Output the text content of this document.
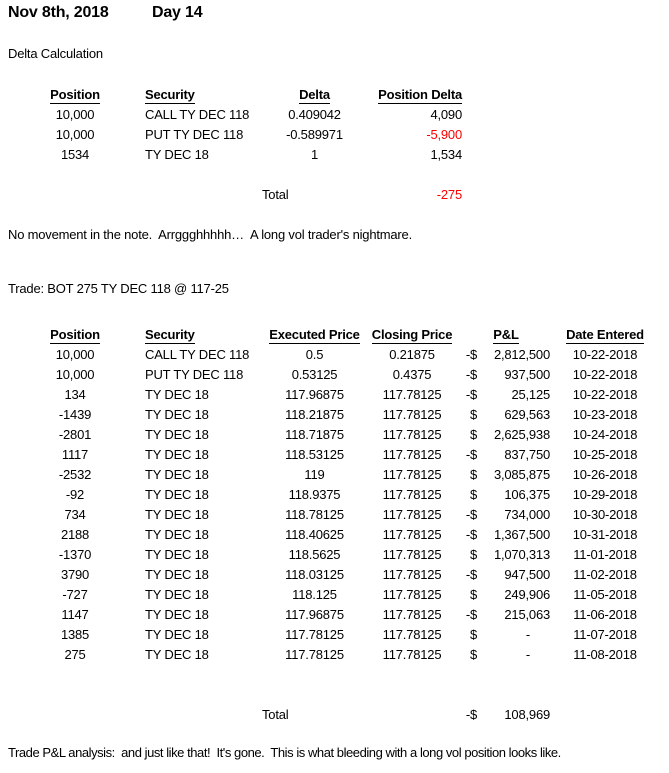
Nov 8th, 2018	Day 14
Delta Calculation
Position		Security	Delta	Position Delta
10,000		CALL TY DEC 118	0.409042	4,090
10,000		PUT TY DEC 118	-0.589971	-5,900
1534		TY DEC 18	1	1,534

			Total	-275
No movement in the note.  Arrggghhhhh…  A long vol trader's nightmare.
Trade: BOT 275 TY DEC 118 @ 117-25
Position		Security	Executed Price	Closing Price		P&L		Date Entered
10,000		CALL TY DEC 118	0.5	0.21875		-$ 2,812,500		10-22-2018
10,000		PUT TY DEC 118	0.53125	0.4375		-$ 937,500		10-22-2018
134		TY DEC 18	117.96875	117.78125		-$ 25,125		10-22-2018
-1439		TY DEC 18	118.21875	117.78125		$ 629,563		10-23-2018
-2801		TY DEC 18	118.71875	117.78125		$ 2,625,938		10-24-2018
1117		TY DEC 18	118.53125	117.78125		-$ 837,750		10-25-2018
-2532		TY DEC 18	119	117.78125		$ 3,085,875		10-26-2018
-92		TY DEC 18	118.9375	117.78125		$ 106,375		10-29-2018
734		TY DEC 18	118.78125	117.78125		-$ 734,000		10-30-2018
2188		TY DEC 18	118.40625	117.78125		-$ 1,367,500		10-31-2018
-1370		TY DEC 18	118.5625	117.78125		$ 1,070,313		11-01-2018
3790		TY DEC 18	118.03125	117.78125		-$ 947,500		11-02-2018
-727		TY DEC 18	118.125	117.78125		$ 249,906		11-05-2018
1147		TY DEC 18	117.96875	117.78125		-$ 215,063		11-06-2018
1385		TY DEC 18	117.78125	117.78125		$ -		11-07-2018
275		TY DEC 18	117.78125	117.78125		$ -		11-08-2018

			Total			-$ 108,969		

Trade P&L analysis:  and just like that!  It's gone.  This is what bleeding with a long vol position looks like.
